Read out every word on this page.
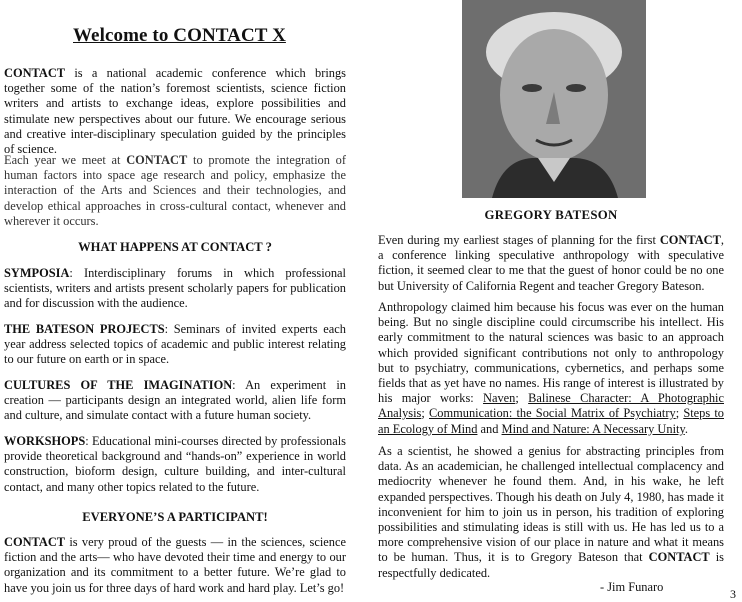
Welcome to CONTACT X

CONTACT is a national academic conference which brings together some of the nation’s foremost scientists, science fiction writers and artists to exchange ideas, explore possibilities and stimulate new perspectives about our future. We encourage serious and creative inter-disciplinary speculation guided by the principles of science.

Each year we meet at CONTACT to promote the integration of human factors into space age research and policy, emphasize the interaction of the Arts and Sciences and their technologies, and develop ethical approaches in cross-cultural contact, whenever and wherever it occurs.

WHAT HAPPENS AT CONTACT ?

SYMPOSIA: Interdisciplinary forums in which professional scientists, writers and artists present scholarly papers for publication and for discussion with the audience.

THE BATESON PROJECTS: Seminars of invited experts each year address selected topics of academic and public interest relating to our future on earth or in space.

CULTURES OF THE IMAGINATION: An experiment in creation — participants design an integrated world, alien life form and culture, and simulate contact with a future human society.

WORKSHOPS: Educational mini-courses directed by professionals provide theoretical background and “hands-on” experience in world construction, bioform design, culture building, and inter-cultural contact, and many other topics related to the future.

EVERYONE’S A PARTICIPANT!

CONTACT is very proud of the guests — in the sciences, science fiction and the arts— who have devoted their time and energy to our organization and its commitment to a better future. We’re glad to have you join us for three days of hard work and hard play. Let’s go!

GREGORY BATESON

Even during my earliest stages of planning for the first CONTACT, a conference linking speculative anthropology with speculative fiction, it seemed clear to me that the guest of honor could be no one but University of California Regent and teacher Gregory Bateson.

Anthropology claimed him because his focus was ever on the human being. But no single discipline could circumscribe his intellect. His early commitment to the natural sciences was basic to an approach which provided significant contributions not only to anthropology but to psychiatry, communications, cybernetics, and perhaps some fields that as yet have no names. His range of interest is illustrated by his major works: Naven; Balinese Character: A Photographic Analysis; Communication: the Social Matrix of Psychiatry; Steps to an Ecology of Mind and Mind and Nature: A Necessary Unity.

As a scientist, he showed a genius for abstracting principles from data. As an academician, he challenged intellectual complacency and mediocrity whenever he found them. And, in his wake, he left expanded perspectives. Though his death on July 4, 1980, has made it inconvenient for him to join us in person, his tradition of exploring possibilities and stimulating ideas is still with us. He has led us to a more comprehensive vision of our place in nature and what it means to be human. Thus, it is to Gregory Bateson that CONTACT is respectfully dedicated.

- Jim Funaro	3
